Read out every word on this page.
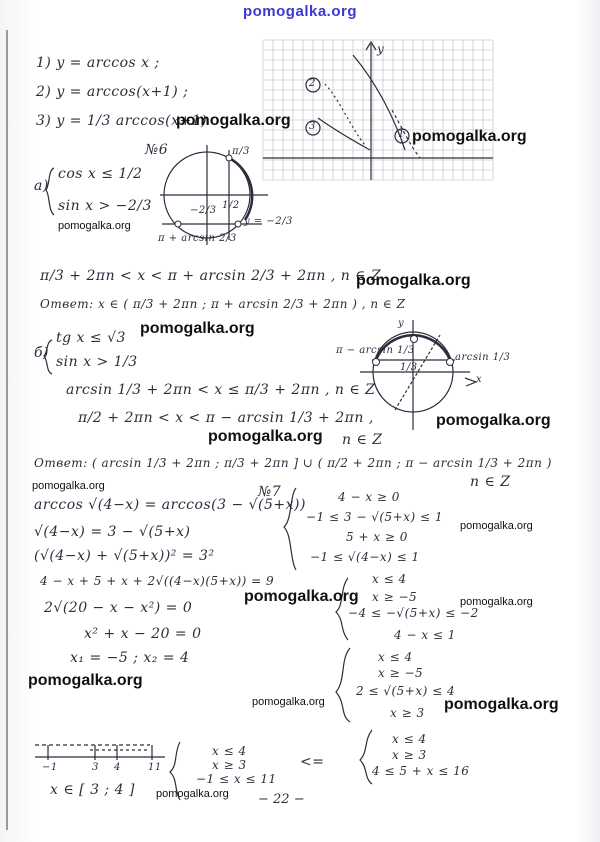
pomogalka.org
1) y = arccos x ;
2) y = arccos(x+1) ;
3) y = 1/3 arccos(x+1)
y
2
3
1
№6
а)
cos x ≤ 1/2
sin x > −2/3
π/3
1/2
−2/3
π + arcsin 2/3
y = −2/3
π/3 + 2πn < x < π + arcsin 2/3 + 2πn , n ∈ Z
Ответ: x ∈ ( π/3 + 2πn ; π + arcsin 2/3 + 2πn ) , n ∈ Z
б)
tg x ≤ √3
sin x > 1/3
π − arcsin 1/3
arcsin 1/3
y
x
1/3
arcsin 1/3 + 2πn < x ≤ π/3 + 2πn , n ∈ Z
π/2 + 2πn < x < π − arcsin 1/3 + 2πn ,
n ∈ Z
Ответ: ( arcsin 1/3 + 2πn ; π/3 + 2πn ] ∪ ( π/2 + 2πn ; π − arcsin 1/3 + 2πn )
n ∈ Z
№7
arccos √(4−x) = arccos(3 − √(5+x))
√(4−x) = 3 − √(5+x)
(√(4−x) + √(5+x))² = 3²
4 − x + 5 + x + 2√((4−x)(5+x)) = 9
2√(20 − x − x²) = 0
x² + x − 20 = 0
x₁ = −5 ; x₂ = 4
4 − x ≥ 0
−1 ≤ 3 − √(5+x) ≤ 1
5 + x ≥ 0
−1 ≤ √(4−x) ≤ 1
x ≤ 4
x ≥ −5
−4 ≤ −√(5+x) ≤ −2
4 − x ≤ 1
x ≤ 4
x ≥ −5
2 ≤ √(5+x) ≤ 4
x ≥ 3
x ≤ 4
x ≥ 3
4 ≤ 5 + x ≤ 16
<=
x ≤ 4
x ≥ 3
−1 ≤ x ≤ 11
−1	3 4	11
x ∈ [ 3 ; 4 ]
− 22 −
pomogalka.org
pomogalka.org
pomogalka.org
pomogalka.org
pomogalka.org
pomogalka.org
pomogalka.org
pomogalka.org
pomogalka.org
pomogalka.org	pomogalka.org
pomogalka.org
pomogalka.org	pomogalka.org
pomogalka.org
